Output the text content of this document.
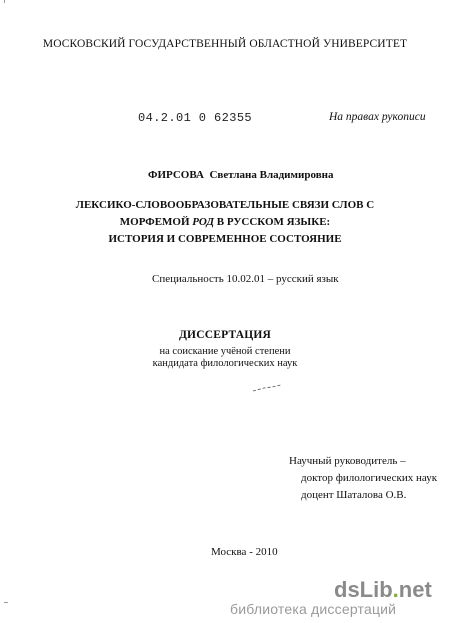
МОСКОВСКИЙ ГОСУДАРСТВЕННЫЙ ОБЛАСТНОЙ УНИВЕРСИТЕТ
04.2.01 0 62355	На правах рукописи
ФИРСОВА Светлана Владимировна
ЛЕКСИКО-СЛОВООБРАЗОВАТЕЛЬНЫЕ СВЯЗИ СЛОВ С
МОРФЕМОЙ РОД В РУССКОМ ЯЗЫКЕ:
ИСТОРИЯ И СОВРЕМЕННОЕ СОСТОЯНИЕ
Специальность 10.02.01 – русский язык
ДИССЕРТАЦИЯ
на соискание учёной степени
кандидата филологических наук
Научный руководитель –
доктор филологических наук
доцент Шаталова О.В.
Москва - 2010
dsLib.net
библиотека диссертаций
